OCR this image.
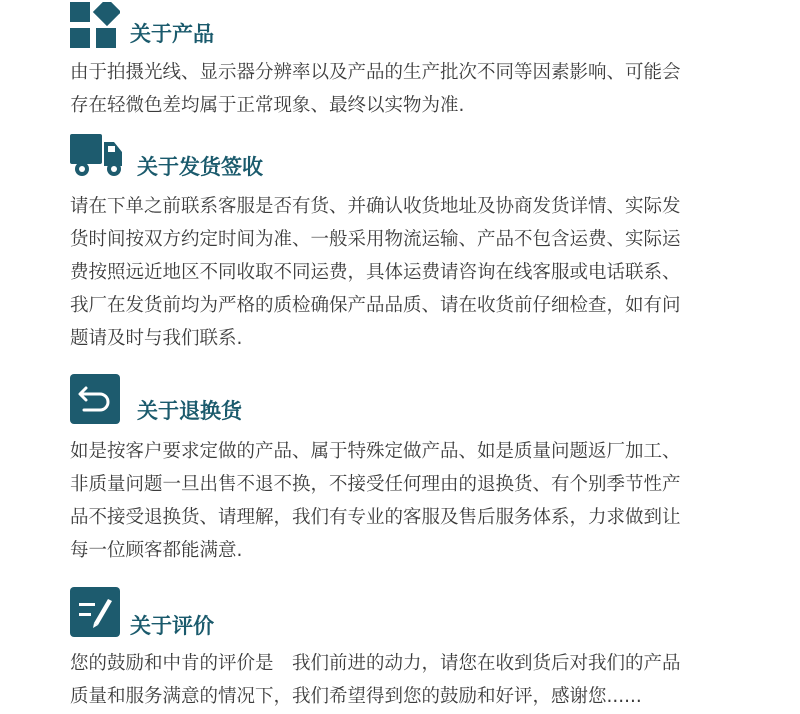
关于产品
由于拍摄光线、显示器分辨率以及产品的生产批次不同等因素影响、可能会
存在轻微色差均属于正常现象、最终以实物为准.
关于发货签收
请在下单之前联系客服是否有货、并确认收货地址及协商发货详情、实际发
货时间按双方约定时间为准、一般采用物流运输、产品不包含运费、实际运
费按照远近地区不同收取不同运费，具体运费请咨询在线客服或电话联系、
我厂在发货前均为严格的质检确保产品品质、请在收货前仔细检查，如有问
题请及时与我们联系.
关于退换货
如是按客户要求定做的产品、属于特殊定做产品、如是质量问题返厂加工、
非质量问题一旦出售不退不换，不接受任何理由的退换货、有个别季节性产
品不接受退换货、请理解，我们有专业的客服及售后服务体系，力求做到让
每一位顾客都能满意.
关于评价
您的鼓励和中肯的评价是　我们前进的动力，请您在收到货后对我们的产品
质量和服务满意的情况下，我们希望得到您的鼓励和好评，感谢您......
